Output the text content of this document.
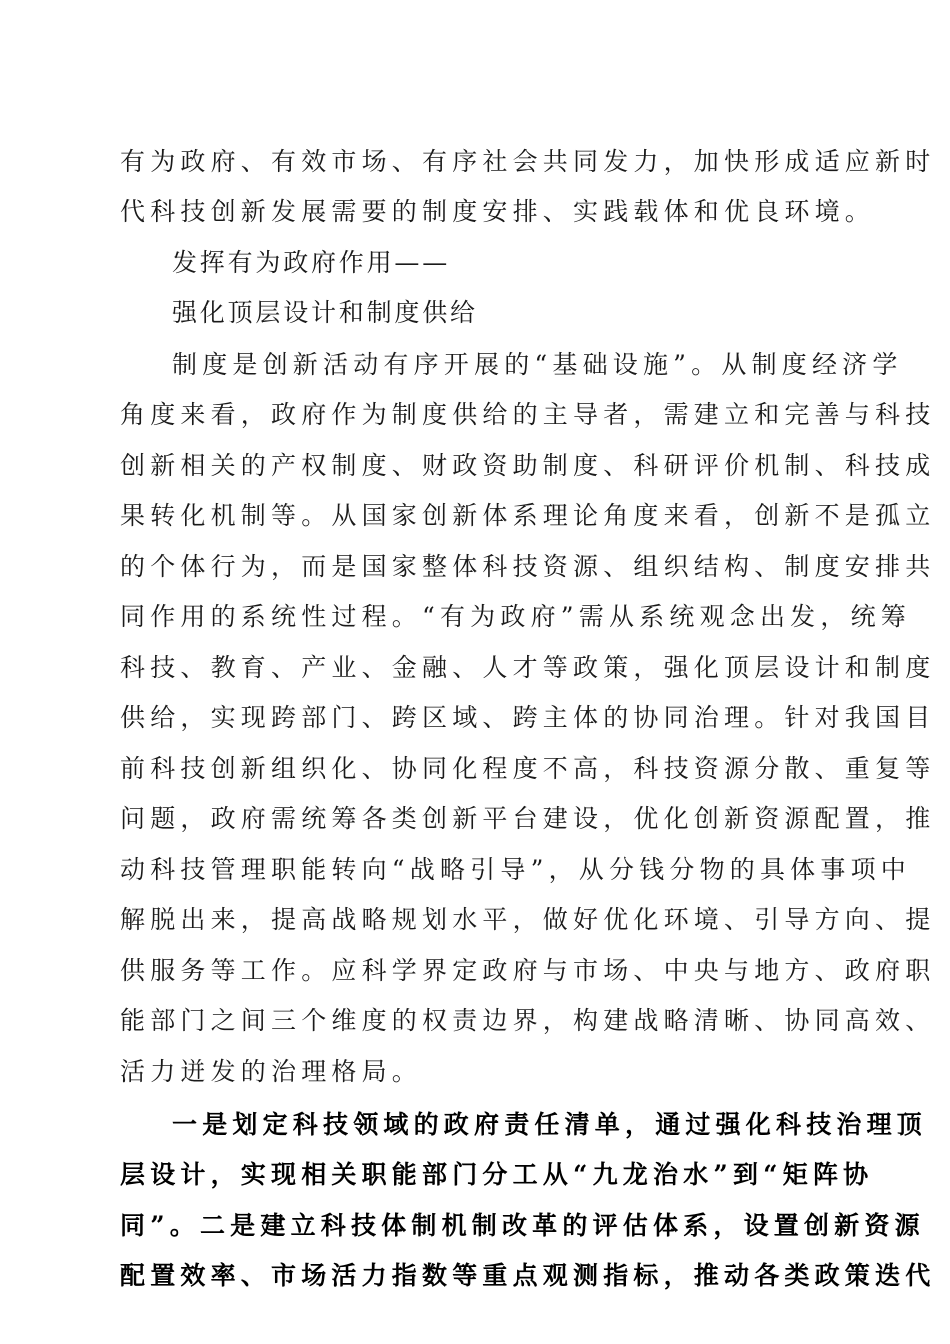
有为政府、有效市场、有序社会共同发力，加快形成适应新时
代科技创新发展需要的制度安排、实践载体和优良环境。
发挥有为政府作用——
强化顶层设计和制度供给
制度是创新活动有序开展的“基础设施”。从制度经济学
角度来看，政府作为制度供给的主导者，需建立和完善与科技
创新相关的产权制度、财政资助制度、科研评价机制、科技成
果转化机制等。从国家创新体系理论角度来看，创新不是孤立
的个体行为，而是国家整体科技资源、组织结构、制度安排共
同作用的系统性过程。“有为政府”需从系统观念出发，统筹
科技、教育、产业、金融、人才等政策，强化顶层设计和制度
供给，实现跨部门、跨区域、跨主体的协同治理。针对我国目
前科技创新组织化、协同化程度不高，科技资源分散、重复等
问题，政府需统筹各类创新平台建设，优化创新资源配置，推
动科技管理职能转向“战略引导”，从分钱分物的具体事项中
解脱出来，提高战略规划水平，做好优化环境、引导方向、提
供服务等工作。应科学界定政府与市场、中央与地方、政府职
能部门之间三个维度的权责边界，构建战略清晰、协同高效、
活力迸发的治理格局。
一是划定科技领域的政府责任清单，通过强化科技治理顶
层设计，实现相关职能部门分工从“九龙治水”到“矩阵协
同”。二是建立科技体制机制改革的评估体系，设置创新资源
配置效率、市场活力指数等重点观测指标，推动各类政策迭代
